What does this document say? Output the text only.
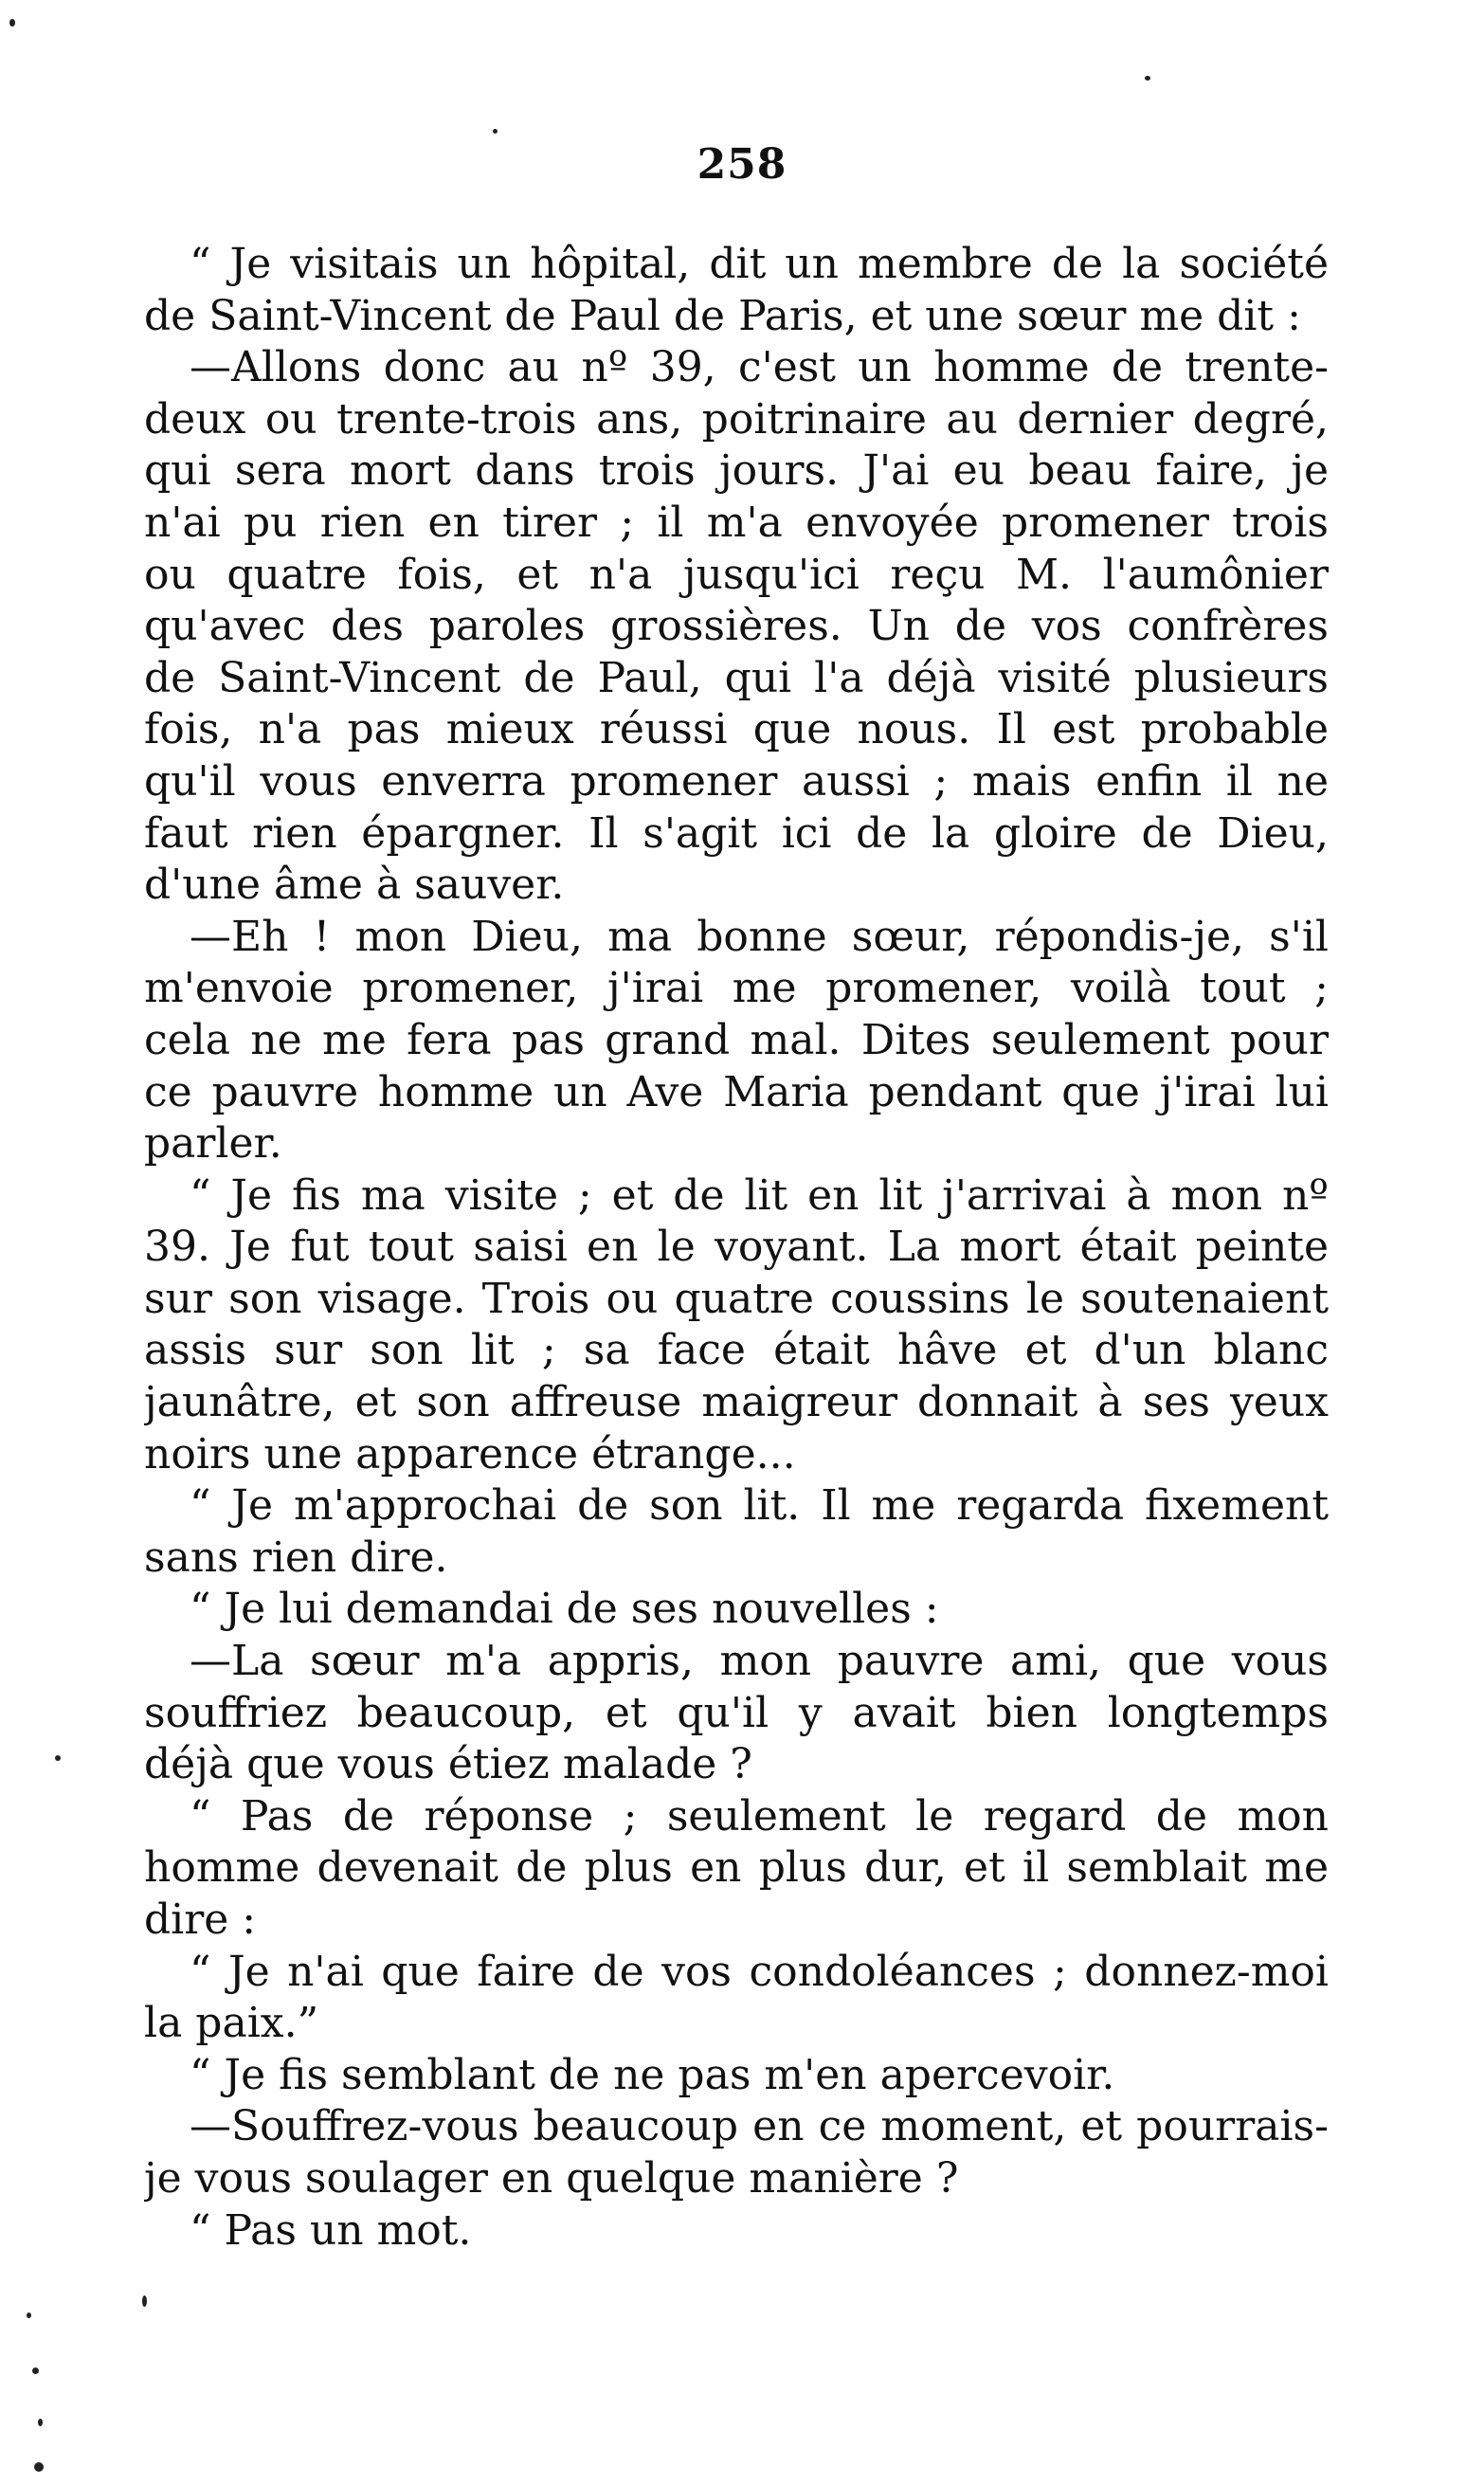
258
“ Je visitais un hôpital, dit un membre de la société
de Saint-Vincent de Paul de Paris, et une sœur me dit :
—Allons donc au nº 39, c'est un homme de trente-
deux ou trente-trois ans, poitrinaire au dernier degré,
qui sera mort dans trois jours. J'ai eu beau faire, je
n'ai pu rien en tirer ; il m'a envoyée promener trois
ou quatre fois, et n'a jusqu'ici reçu M. l'aumônier
qu'avec des paroles grossières. Un de vos confrères
de Saint-Vincent de Paul, qui l'a déjà visité plusieurs
fois, n'a pas mieux réussi que nous. Il est probable
qu'il vous enverra promener aussi ; mais enfin il ne
faut rien épargner. Il s'agit ici de la gloire de Dieu,
d'une âme à sauver.
—Eh ! mon Dieu, ma bonne sœur, répondis-je, s'il
m'envoie promener, j'irai me promener, voilà tout ;
cela ne me fera pas grand mal. Dites seulement pour
ce pauvre homme un Ave Maria pendant que j'irai lui
parler.
“ Je fis ma visite ; et de lit en lit j'arrivai à mon nº
39. Je fut tout saisi en le voyant. La mort était peinte
sur son visage. Trois ou quatre coussins le soutenaient
assis sur son lit ; sa face était hâve et d'un blanc
jaunâtre, et son affreuse maigreur donnait à ses yeux
noirs une apparence étrange...
“ Je m'approchai de son lit. Il me regarda fixement
sans rien dire.
“ Je lui demandai de ses nouvelles :
—La sœur m'a appris, mon pauvre ami, que vous
souffriez beaucoup, et qu'il y avait bien longtemps
déjà que vous étiez malade ?
“ Pas de réponse ; seulement le regard de mon
homme devenait de plus en plus dur, et il semblait me
dire :
“ Je n'ai que faire de vos condoléances ; donnez-moi
la paix.”
“ Je fis semblant de ne pas m'en apercevoir.
—Souffrez-vous beaucoup en ce moment, et pourrais-
je vous soulager en quelque manière ?
“ Pas un mot.
